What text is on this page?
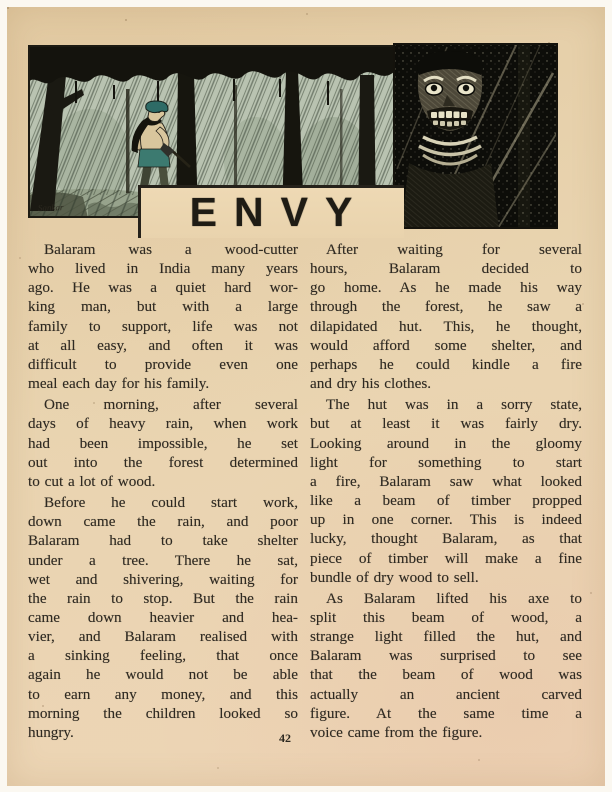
Sankar	ENVY
Balaram was a wood-cutter
who lived in India many years
ago. He was a quiet hard wor-
king man, but with a large
family to support, life was not
at all easy, and often it was
difficult to provide even one
meal each day for his family.
One morning, after several
days of heavy rain, when work
had been impossible, he set
out into the forest determined
to cut a lot of wood.
Before he could start work,
down came the rain, and poor
Balaram had to take shelter
under a tree. There he sat,
wet and shivering, waiting for
the rain to stop. But the rain
came down heavier and hea-
vier, and Balaram realised with
a sinking feeling, that once
again he would not be able
to earn any money, and this
morning the children looked so
hungry.
After waiting for several
hours, Balaram decided to
go home. As he made his way
through the forest, he saw a
dilapidated hut. This, he thought,
would afford some shelter, and
perhaps he could kindle a fire
and dry his clothes.
The hut was in a sorry state,
but at least it was fairly dry.
Looking around in the gloomy
light for something to start
a fire, Balaram saw what looked
like a beam of timber propped
up in one corner. This is indeed
lucky, thought Balaram, as that
piece of timber will make a fine
bundle of dry wood to sell.
As Balaram lifted his axe to
split this beam of wood, a
strange light filled the hut, and
Balaram was surprised to see
that the beam of wood was
actually an ancient carved
figure. At the same time a
voice came from the figure.
42
